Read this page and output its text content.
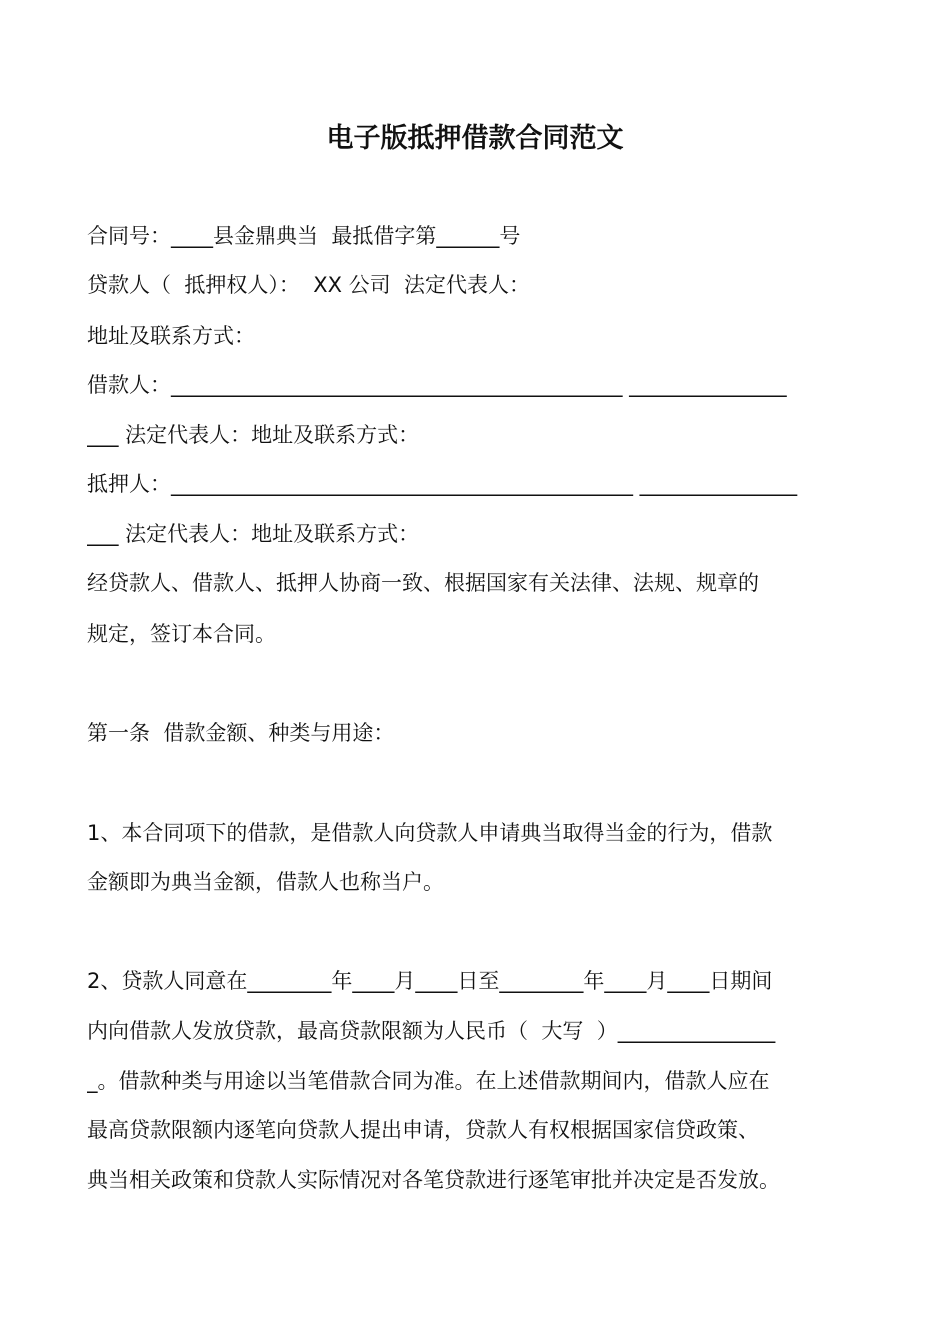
电子版抵押借款合同范文
合同号：____县金鼎典当  最抵借字第______号
贷款人（  抵押权人）：  XX 公司  法定代表人：
地址及联系方式：
借款人：___________________________________________ _______________
___ 法定代表人：地址及联系方式：
抵押人：____________________________________________ _______________
___ 法定代表人：地址及联系方式：
经贷款人、借款人、抵押人协商一致、根据国家有关法律、法规、规章的
规定，签订本合同。
第一条  借款金额、种类与用途：
1、本合同项下的借款，是借款人向贷款人申请典当取得当金的行为，借款
金额即为典当金额，借款人也称当户。
2、贷款人同意在________年____月____日至________年____月____日期间
内向借款人发放贷款，最高贷款限额为人民币（  大写  ）_______________
_。借款种类与用途以当笔借款合同为准。在上述借款期间内，借款人应在
最高贷款限额内逐笔向贷款人提出申请，贷款人有权根据国家信贷政策、
典当相关政策和贷款人实际情况对各笔贷款进行逐笔审批并决定是否发放。
